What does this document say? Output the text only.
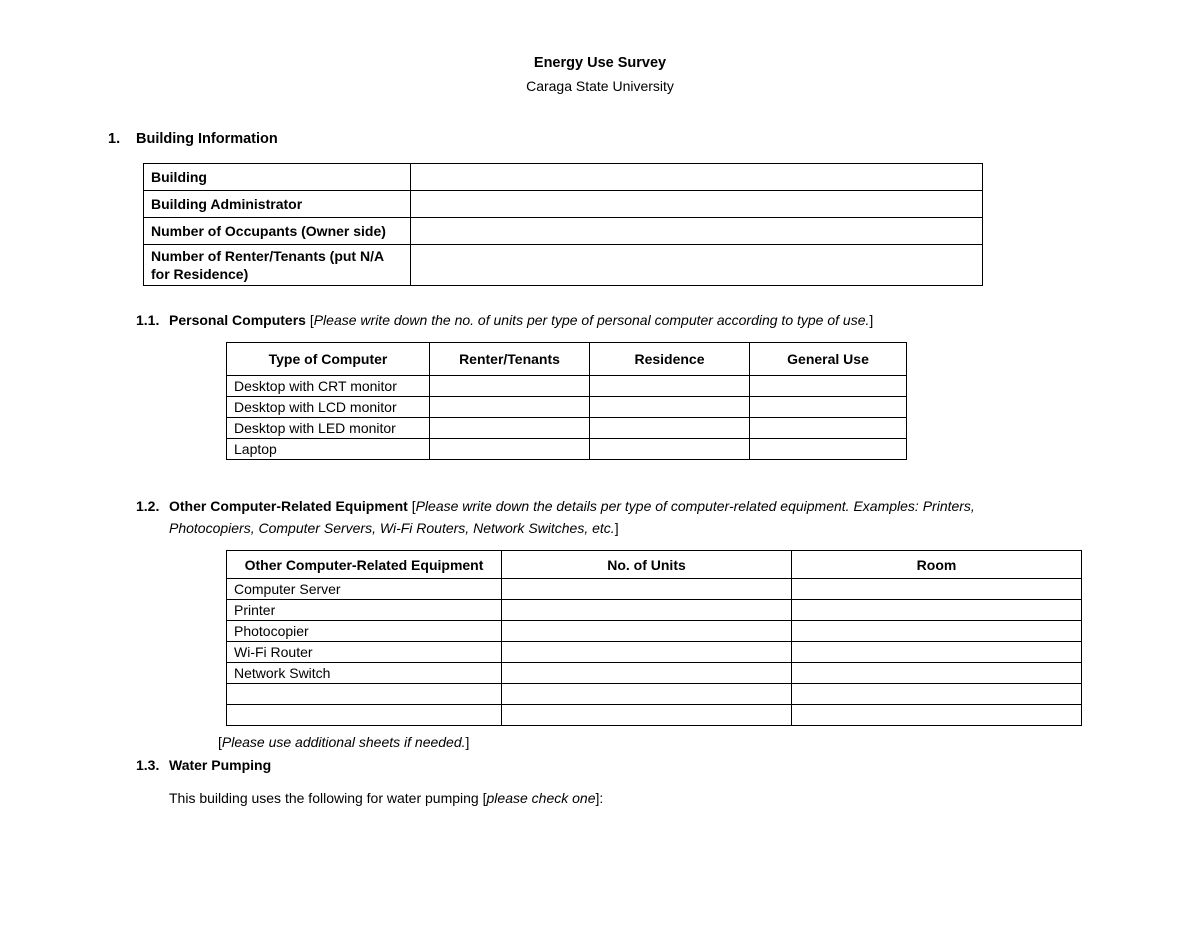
Energy Use Survey
Caraga State University
1. Building Information
Building	
Building Administrator	
Number of Occupants (Owner side)	
Number of Renter/Tenants (put N/A for Residence)	
1.1. Personal Computers [Please write down the no. of units per type of personal computer according to type of use.]
Type of Computer	Renter/Tenants	Residence	General Use
Desktop with CRT monitor			
Desktop with LCD monitor			
Desktop with LED monitor			
Laptop			
1.2. Other Computer-Related Equipment [Please write down the details per type of computer-related equipment. Examples: Printers,
Photocopiers, Computer Servers, Wi-Fi Routers, Network Switches, etc.]
Other Computer-Related Equipment	No. of Units	Room
Computer Server		
Printer		
Photocopier		
Wi-Fi Router		
Network Switch		

[Please use additional sheets if needed.]
1.3. Water Pumping
This building uses the following for water pumping [please check one]:
